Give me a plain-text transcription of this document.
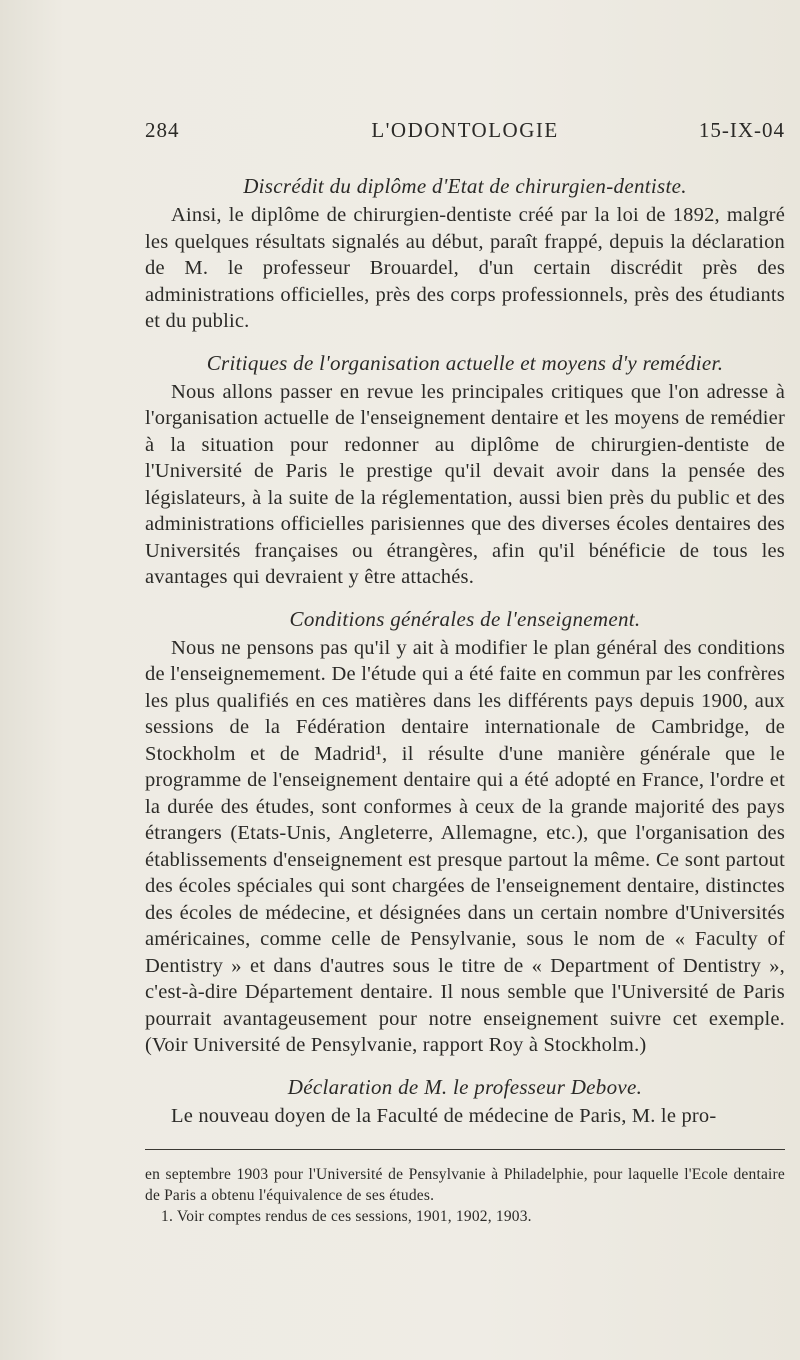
284	L'ODONTOLOGIE	15-IX-04

Discrédit du diplôme d'Etat de chirurgien-dentiste.

Ainsi, le diplôme de chirurgien-dentiste créé par la loi de 1892, malgré les quelques résultats signalés au début, paraît frappé, depuis la déclaration de M. le professeur Brouardel, d'un certain discrédit près des administrations officielles, près des corps professionnels, près des étudiants et du public.

Critiques de l'organisation actuelle et moyens d'y remédier.

Nous allons passer en revue les principales critiques que l'on adresse à l'organisation actuelle de l'enseignement dentaire et les moyens de remédier à la situation pour redonner au diplôme de chirurgien-dentiste de l'Université de Paris le prestige qu'il devait avoir dans la pensée des législateurs, à la suite de la réglementation, aussi bien près du public et des administrations officielles parisiennes que des diverses écoles dentaires des Universités françaises ou étrangères, afin qu'il bénéficie de tous les avantages qui devraient y être attachés.

Conditions générales de l'enseignement.

Nous ne pensons pas qu'il y ait à modifier le plan général des conditions de l'enseignemement. De l'étude qui a été faite en commun par les confrères les plus qualifiés en ces matières dans les différents pays depuis 1900, aux sessions de la Fédération dentaire internationale de Cambridge, de Stockholm et de Madrid¹, il résulte d'une manière générale que le programme de l'enseignement dentaire qui a été adopté en France, l'ordre et la durée des études, sont conformes à ceux de la grande majorité des pays étrangers (Etats-Unis, Angleterre, Allemagne, etc.), que l'organisation des établissements d'enseignement est presque partout la même. Ce sont partout des écoles spéciales qui sont chargées de l'enseignement dentaire, distinctes des écoles de médecine, et désignées dans un certain nombre d'Universités américaines, comme celle de Pensylvanie, sous le nom de « Faculty of Dentistry » et dans d'autres sous le titre de « Department of Dentistry », c'est-à-dire Département dentaire. Il nous semble que l'Université de Paris pourrait avantageusement pour notre enseignement suivre cet exemple. (Voir Université de Pensylvanie, rapport Roy à Stockholm.)

Déclaration de M. le professeur Debove.

Le nouveau doyen de la Faculté de médecine de Paris, M. le pro-

en septembre 1903 pour l'Université de Pensylvanie à Philadelphie, pour laquelle l'Ecole dentaire de Paris a obtenu l'équivalence de ses études.

1. Voir comptes rendus de ces sessions, 1901, 1902, 1903.
